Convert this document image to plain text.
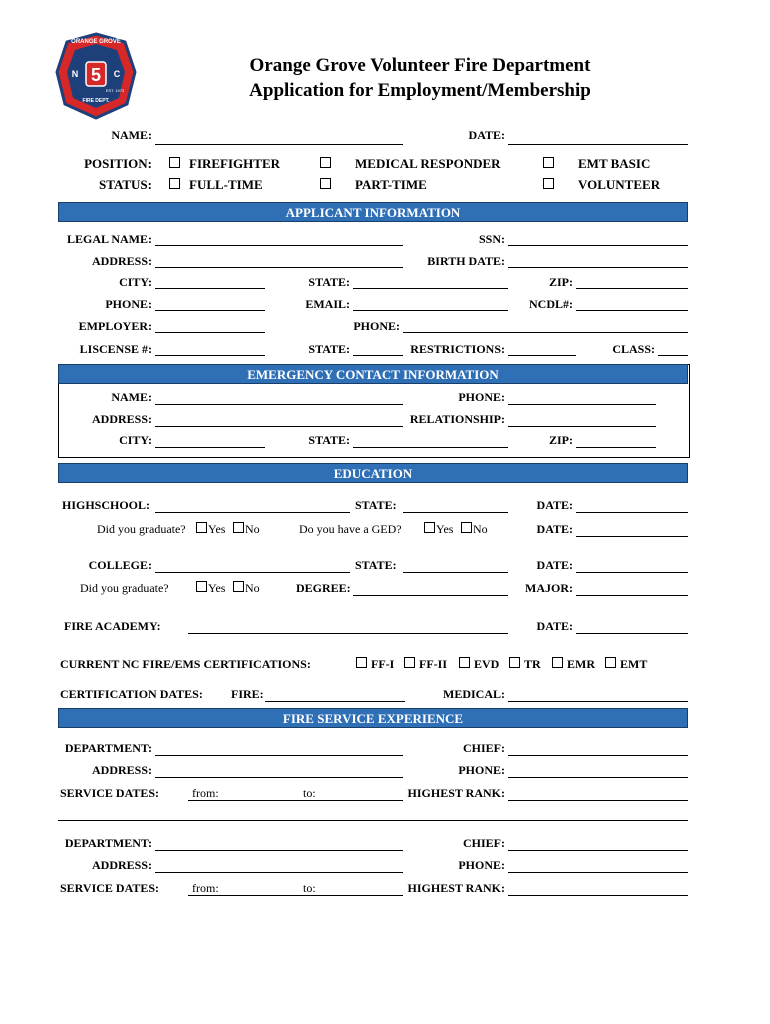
5
ORANGE GROVE
N	C
FIRE DEPT.
EST. 1973
Orange Grove Volunteer Fire Department
Application for Employment/Membership
NAME:	DATE:
POSITION:	FIREFIGHTER	MEDICAL RESPONDER	EMT BASIC
STATUS:	FULL-TIME	PART-TIME	VOLUNTEER
APPLICANT INFORMATION
LEGAL NAME:	SSN:
ADDRESS:	BIRTH DATE:
CITY:	STATE:	ZIP:
PHONE:	EMAIL:	NCDL#:
EMPLOYER:	PHONE:
LISCENSE #:	STATE:	RESTRICTIONS:	CLASS:
EMERGENCY CONTACT INFORMATION
NAME:	PHONE:
ADDRESS:	RELATIONSHIP:
CITY:	STATE:	ZIP:
EDUCATION
HIGHSCHOOL:	STATE:	DATE:
Did you graduate? Yes No	Do you have a GED?	Yes No	DATE:
COLLEGE:	STATE:	DATE:
Did you graduate?	Yes No	DEGREE:	MAJOR:
FIRE ACADEMY:	DATE:
CURRENT NC FIRE/EMS CERTIFICATIONS:	FF-I FF-II EVD TR EMR EMT
CERTIFICATION DATES: FIRE:	MEDICAL:
FIRE SERVICE EXPERIENCE
DEPARTMENT:	CHIEF:
ADDRESS:	PHONE:
SERVICE DATES:	from:	to:	HIGHEST RANK:
DEPARTMENT:	CHIEF:
ADDRESS:	PHONE:
SERVICE DATES:	from:	to:	HIGHEST RANK:
